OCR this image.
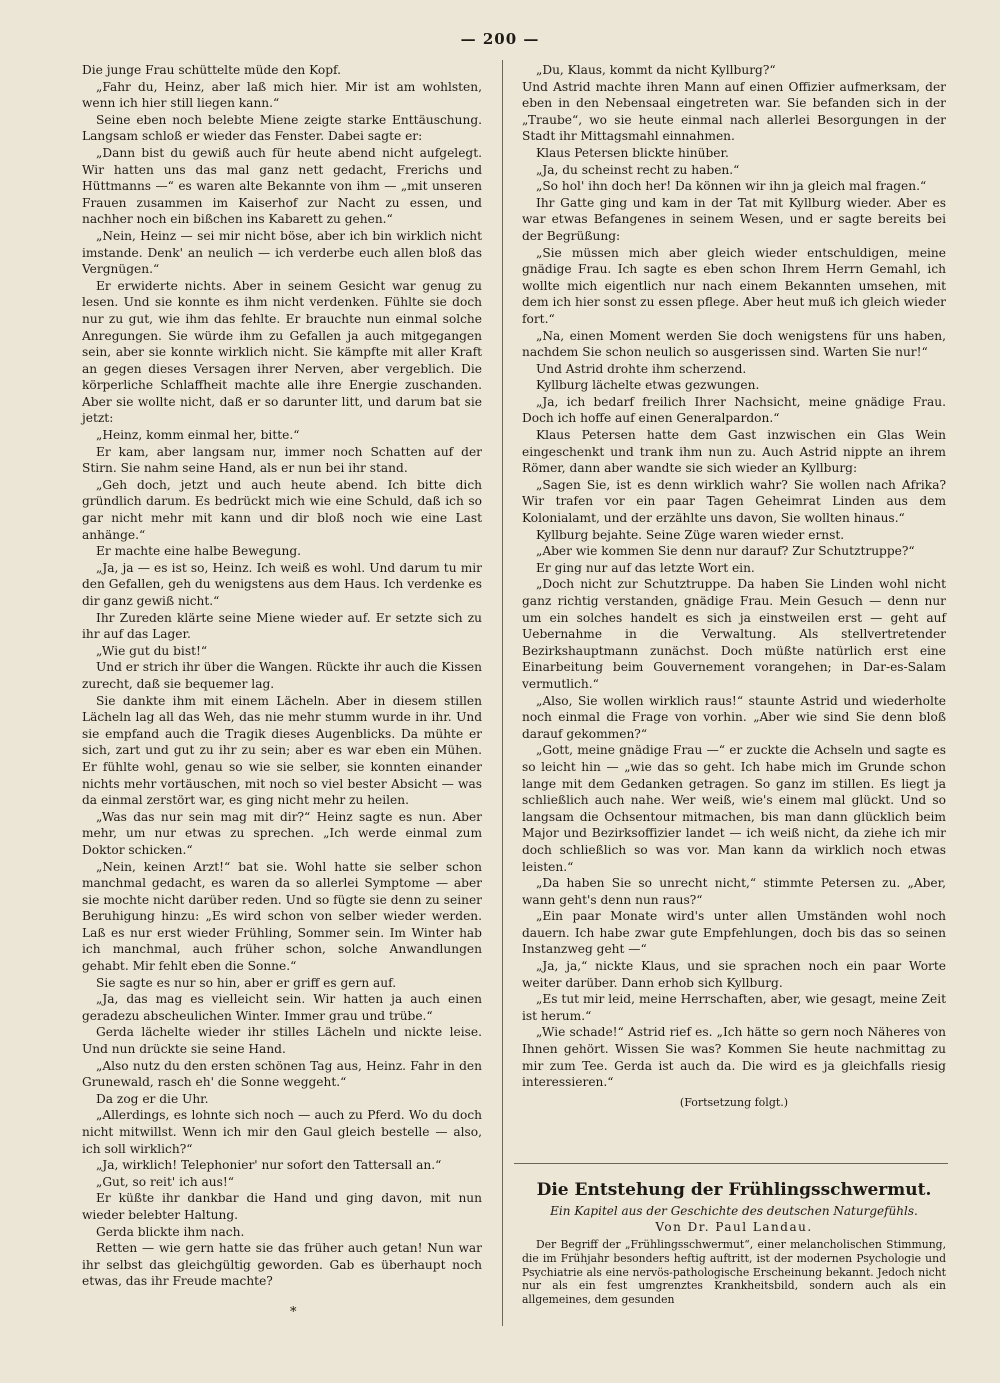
— 200 —

Die junge Frau schüttelte müde den Kopf.

„Fahr du, Heinz, aber laß mich hier. Mir ist am wohlsten, wenn ich hier still liegen kann.“

Seine eben noch belebte Miene zeigte starke Enttäuschung. Langsam schloß er wieder das Fenster. Dabei sagte er:

„Dann bist du gewiß auch für heute abend nicht aufgelegt. Wir hatten uns das mal ganz nett gedacht, Frerichs und Hüttmanns —“ es waren alte Bekannte von ihm — „mit unseren Frauen zusammen im Kaiserhof zur Nacht zu essen, und nachher noch ein bißchen ins Kabarett zu gehen.“

„Nein, Heinz — sei mir nicht böse, aber ich bin wirklich nicht imstande. Denk' an neulich — ich verderbe euch allen bloß das Vergnügen.“

Er erwiderte nichts. Aber in seinem Gesicht war genug zu lesen. Und sie konnte es ihm nicht verdenken. Fühlte sie doch nur zu gut, wie ihm das fehlte. Er brauchte nun einmal solche Anregungen. Sie würde ihm zu Gefallen ja auch mitgegangen sein, aber sie konnte wirklich nicht. Sie kämpfte mit aller Kraft an gegen dieses Versagen ihrer Nerven, aber vergeblich. Die körperliche Schlaffheit machte alle ihre Energie zuschanden. Aber sie wollte nicht, daß er so darunter litt, und darum bat sie jetzt:

„Heinz, komm einmal her, bitte.“

Er kam, aber langsam nur, immer noch Schatten auf der Stirn. Sie nahm seine Hand, als er nun bei ihr stand.

„Geh doch, jetzt und auch heute abend. Ich bitte dich gründlich darum. Es bedrückt mich wie eine Schuld, daß ich so gar nicht mehr mit kann und dir bloß noch wie eine Last anhänge.“

Er machte eine halbe Bewegung.

„Ja, ja — es ist so, Heinz. Ich weiß es wohl. Und darum tu mir den Gefallen, geh du wenigstens aus dem Haus. Ich verdenke es dir ganz gewiß nicht.“

Ihr Zureden klärte seine Miene wieder auf. Er setzte sich zu ihr auf das Lager.

„Wie gut du bist!“

Und er strich ihr über die Wangen. Rückte ihr auch die Kissen zurecht, daß sie bequemer lag.

Sie dankte ihm mit einem Lächeln. Aber in diesem stillen Lächeln lag all das Weh, das nie mehr stumm wurde in ihr. Und sie empfand auch die Tragik dieses Augenblicks. Da mühte er sich, zart und gut zu ihr zu sein; aber es war eben ein Mühen. Er fühlte wohl, genau so wie sie selber, sie konnten einander nichts mehr vortäuschen, mit noch so viel bester Absicht — was da einmal zerstört war, es ging nicht mehr zu heilen.

„Was das nur sein mag mit dir?“ Heinz sagte es nun. Aber mehr, um nur etwas zu sprechen. „Ich werde einmal zum Doktor schicken.“

„Nein, keinen Arzt!“ bat sie. Wohl hatte sie selber schon manchmal gedacht, es waren da so allerlei Symptome — aber sie mochte nicht darüber reden. Und so fügte sie denn zu seiner Beruhigung hinzu: „Es wird schon von selber wieder werden. Laß es nur erst wieder Frühling, Sommer sein. Im Winter hab ich manchmal, auch früher schon, solche Anwandlungen gehabt. Mir fehlt eben die Sonne.“

Sie sagte es nur so hin, aber er griff es gern auf.

„Ja, das mag es vielleicht sein. Wir hatten ja auch einen geradezu abscheulichen Winter. Immer grau und trübe.“

Gerda lächelte wieder ihr stilles Lächeln und nickte leise. Und nun drückte sie seine Hand.

„Also nutz du den ersten schönen Tag aus, Heinz. Fahr in den Grunewald, rasch eh' die Sonne weggeht.“

Da zog er die Uhr.

„Allerdings, es lohnte sich noch — auch zu Pferd. Wo du doch nicht mitwillst. Wenn ich mir den Gaul gleich bestelle — also, ich soll wirklich?“

„Ja, wirklich! Telephonier' nur sofort den Tattersall an.“

„Gut, so reit' ich aus!“

Er küßte ihr dankbar die Hand und ging davon, mit nun wieder belebter Haltung.

Gerda blickte ihm nach.

Retten — wie gern hatte sie das früher auch getan! Nun war ihr selbst das gleichgültig geworden. Gab es überhaupt noch etwas, das ihr Freude machte?

*

„Du, Klaus, kommt da nicht Kyllburg?“

Und Astrid machte ihren Mann auf einen Offizier aufmerksam, der eben in den Nebensaal eingetreten war. Sie befanden sich in der „Traube“, wo sie heute einmal nach allerlei Besorgungen in der Stadt ihr Mittagsmahl einnahmen.

Klaus Petersen blickte hinüber.

„Ja, du scheinst recht zu haben.“

„So hol' ihn doch her! Da können wir ihn ja gleich mal fragen.“

Ihr Gatte ging und kam in der Tat mit Kyllburg wieder. Aber es war etwas Befangenes in seinem Wesen, und er sagte bereits bei der Begrüßung:

„Sie müssen mich aber gleich wieder entschuldigen, meine gnädige Frau. Ich sagte es eben schon Ihrem Herrn Gemahl, ich wollte mich eigentlich nur nach einem Bekannten umsehen, mit dem ich hier sonst zu essen pflege. Aber heut muß ich gleich wieder fort.“

„Na, einen Moment werden Sie doch wenigstens für uns haben, nachdem Sie schon neulich so ausgerissen sind. Warten Sie nur!“

Und Astrid drohte ihm scherzend.

Kyllburg lächelte etwas gezwungen.

„Ja, ich bedarf freilich Ihrer Nachsicht, meine gnädige Frau. Doch ich hoffe auf einen Generalpardon.“

Klaus Petersen hatte dem Gast inzwischen ein Glas Wein eingeschenkt und trank ihm nun zu. Auch Astrid nippte an ihrem Römer, dann aber wandte sie sich wieder an Kyllburg:

„Sagen Sie, ist es denn wirklich wahr? Sie wollen nach Afrika? Wir trafen vor ein paar Tagen Geheimrat Linden aus dem Kolonialamt, und der erzählte uns davon, Sie wollten hinaus.“

Kyllburg bejahte. Seine Züge waren wieder ernst.

„Aber wie kommen Sie denn nur darauf? Zur Schutztruppe?“

Er ging nur auf das letzte Wort ein.

„Doch nicht zur Schutztruppe. Da haben Sie Linden wohl nicht ganz richtig verstanden, gnädige Frau. Mein Gesuch — denn nur um ein solches handelt es sich ja einstweilen erst — geht auf Uebernahme in die Verwaltung. Als stellvertretender Bezirkshauptmann zunächst. Doch müßte natürlich erst eine Einarbeitung beim Gouvernement vorangehen; in Dar-es-Salam vermutlich.“

„Also, Sie wollen wirklich raus!“ staunte Astrid und wiederholte noch einmal die Frage von vorhin. „Aber wie sind Sie denn bloß darauf gekommen?“

„Gott, meine gnädige Frau —“ er zuckte die Achseln und sagte es so leicht hin — „wie das so geht. Ich habe mich im Grunde schon lange mit dem Gedanken getragen. So ganz im stillen. Es liegt ja schließlich auch nahe. Wer weiß, wie's einem mal glückt. Und so langsam die Ochsentour mitmachen, bis man dann glücklich beim Major und Bezirksoffizier landet — ich weiß nicht, da ziehe ich mir doch schließlich so was vor. Man kann da wirklich noch etwas leisten.“

„Da haben Sie so unrecht nicht,“ stimmte Petersen zu. „Aber, wann geht's denn nun raus?“

„Ein paar Monate wird's unter allen Umständen wohl noch dauern. Ich habe zwar gute Empfehlungen, doch bis das so seinen Instanzweg geht —“

„Ja, ja,“ nickte Klaus, und sie sprachen noch ein paar Worte weiter darüber. Dann erhob sich Kyllburg.

„Es tut mir leid, meine Herrschaften, aber, wie gesagt, meine Zeit ist herum.“

„Wie schade!“ Astrid rief es. „Ich hätte so gern noch Näheres von Ihnen gehört. Wissen Sie was? Kommen Sie heute nachmittag zu mir zum Tee. Gerda ist auch da. Die wird es ja gleichfalls riesig interessieren.“

(Fortsetzung folgt.)

Die Entstehung der Frühlingsschwermut.

Ein Kapitel aus der Geschichte des deutschen Naturgefühls.

Von Dr. Paul Landau.

Der Begriff der „Frühlingsschwermut“, einer melancholischen Stimmung, die im Frühjahr besonders heftig auftritt, ist der modernen Psychologie und Psychiatrie als eine nervös-pathologische Erscheinung bekannt. Jedoch nicht nur als ein fest umgrenztes Krankheitsbild, sondern auch als ein allgemeines, dem gesunden
